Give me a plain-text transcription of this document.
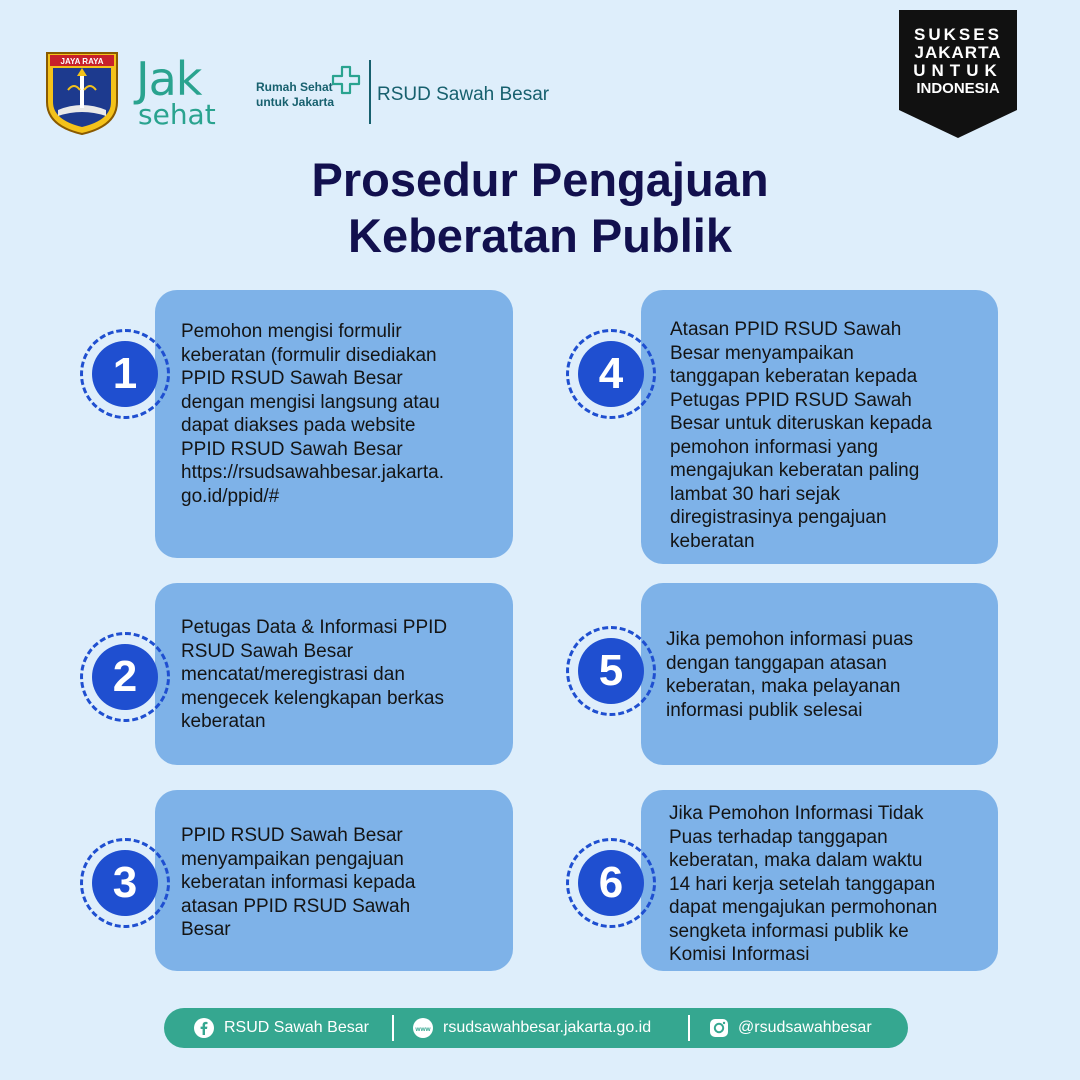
JAYA RAYA Jak
sehat
Rumah Sehat
untuk Jakarta RSUD Sawah Besar
SUKSES
JAKARTA
UNTUK
INDONESIA
Prosedur Pengajuan
Keberatan Publik
1
Pemohon mengisi formulir
keberatan (formulir disediakan
PPID RSUD Sawah Besar
dengan mengisi langsung atau
dapat diakses pada website
PPID RSUD Sawah Besar
https://rsudsawahbesar.jakarta.
go.id/ppid/#
2
Petugas Data & Informasi PPID
RSUD Sawah Besar
mencatat/meregistrasi dan
mengecek kelengkapan berkas
keberatan
3
PPID RSUD Sawah Besar
menyampaikan pengajuan
keberatan informasi kepada
atasan PPID RSUD Sawah
Besar
4
Atasan PPID RSUD Sawah
Besar menyampaikan
tanggapan keberatan kepada
Petugas PPID RSUD Sawah
Besar untuk diteruskan kepada
pemohon informasi yang
mengajukan keberatan paling
lambat 30 hari sejak
diregistrasinya pengajuan
keberatan
5
Jika pemohon informasi puas
dengan tanggapan atasan
keberatan, maka pelayanan
informasi publik selesai
6
Jika Pemohon Informasi Tidak
Puas terhadap tanggapan
keberatan, maka dalam waktu
14 hari kerja setelah tanggapan
dapat mengajukan permohonan
sengketa informasi publik ke
Komisi Informasi
RSUD Sawah Besar	www rsudsawahbesar.jakarta.go.id	@rsudsawahbesar
